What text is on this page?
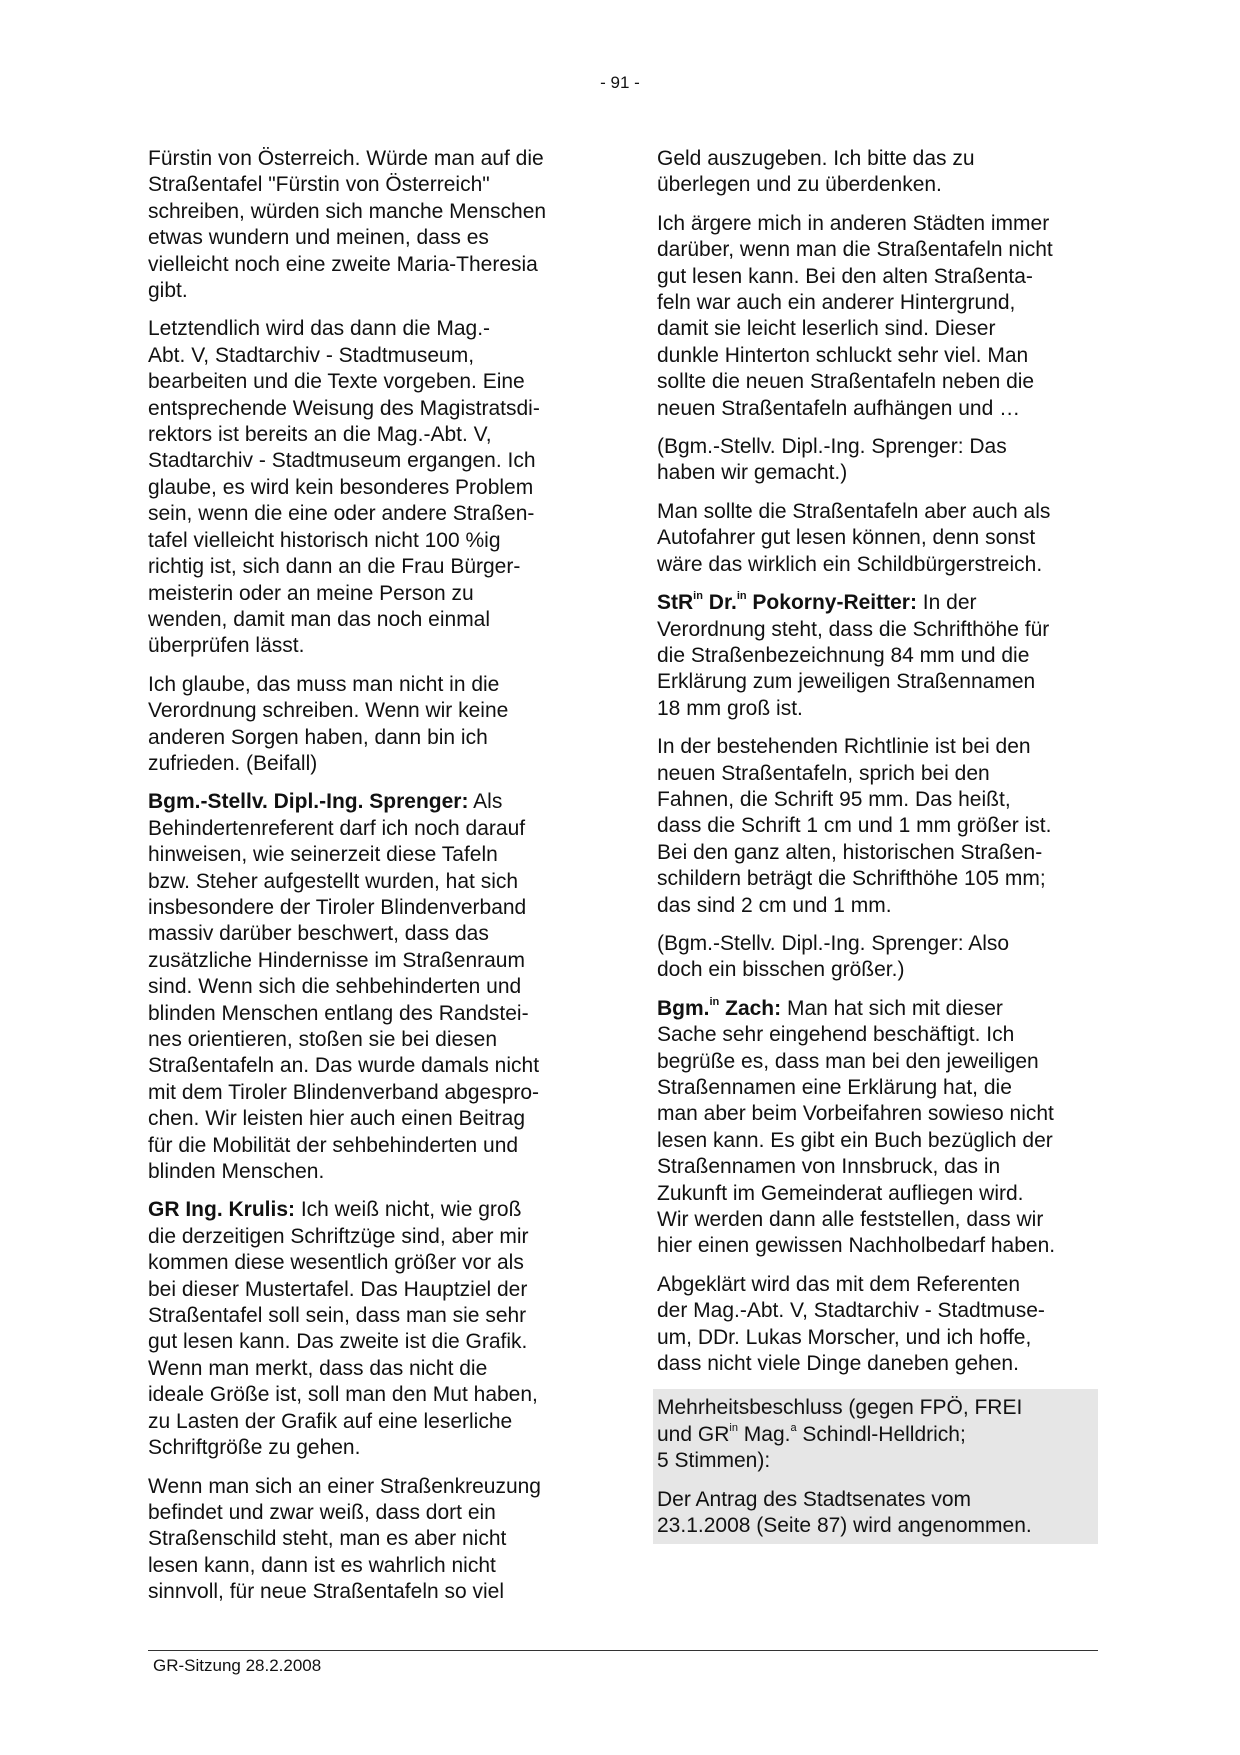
- 91 -
Fürstin von Österreich. Würde man auf die
Straßentafel "Fürstin von Österreich"
schreiben, würden sich manche Menschen
etwas wundern und meinen, dass es
vielleicht noch eine zweite Maria-Theresia
gibt.
Letztendlich wird das dann die Mag.-
Abt. V, Stadtarchiv - Stadtmuseum,
bearbeiten und die Texte vorgeben. Eine
entsprechende Weisung des Magistratsdi-
rektors ist bereits an die Mag.-Abt. V,
Stadtarchiv - Stadtmuseum ergangen. Ich
glaube, es wird kein besonderes Problem
sein, wenn die eine oder andere Straßen-
tafel vielleicht historisch nicht 100 %ig
richtig ist, sich dann an die Frau Bürger-
meisterin oder an meine Person zu
wenden, damit man das noch einmal
überprüfen lässt.
Ich glaube, das muss man nicht in die
Verordnung schreiben. Wenn wir keine
anderen Sorgen haben, dann bin ich
zufrieden. (Beifall)
Bgm.-Stellv. Dipl.-Ing. Sprenger: Als
Behindertenreferent darf ich noch darauf
hinweisen, wie seinerzeit diese Tafeln
bzw. Steher aufgestellt wurden, hat sich
insbesondere der Tiroler Blindenverband
massiv darüber beschwert, dass das
zusätzliche Hindernisse im Straßenraum
sind. Wenn sich die sehbehinderten und
blinden Menschen entlang des Randstei-
nes orientieren, stoßen sie bei diesen
Straßentafeln an. Das wurde damals nicht
mit dem Tiroler Blindenverband abgespro-
chen. Wir leisten hier auch einen Beitrag
für die Mobilität der sehbehinderten und
blinden Menschen.
GR Ing. Krulis: Ich weiß nicht, wie groß
die derzeitigen Schriftzüge sind, aber mir
kommen diese wesentlich größer vor als
bei dieser Mustertafel. Das Hauptziel der
Straßentafel soll sein, dass man sie sehr
gut lesen kann. Das zweite ist die Grafik.
Wenn man merkt, dass das nicht die
ideale Größe ist, soll man den Mut haben,
zu Lasten der Grafik auf eine leserliche
Schriftgröße zu gehen.
Wenn man sich an einer Straßenkreuzung
befindet und zwar weiß, dass dort ein
Straßenschild steht, man es aber nicht
lesen kann, dann ist es wahrlich nicht
sinnvoll, für neue Straßentafeln so viel
Geld auszugeben. Ich bitte das zu
überlegen und zu überdenken.
Ich ärgere mich in anderen Städten immer
darüber, wenn man die Straßentafeln nicht
gut lesen kann. Bei den alten Straßenta-
feln war auch ein anderer Hintergrund,
damit sie leicht leserlich sind. Dieser
dunkle Hinterton schluckt sehr viel. Man
sollte die neuen Straßentafeln neben die
neuen Straßentafeln aufhängen und …
(Bgm.-Stellv. Dipl.-Ing. Sprenger: Das
haben wir gemacht.)
Man sollte die Straßentafeln aber auch als
Autofahrer gut lesen können, denn sonst
wäre das wirklich ein Schildbürgerstreich.
StR$^{in}$ Dr.$^{in}$ Pokorny-Reitter: In der
Verordnung steht, dass die Schrifthöhe für
die Straßenbezeichnung 84 mm und die
Erklärung zum jeweiligen Straßennamen
18 mm groß ist.
In der bestehenden Richtlinie ist bei den
neuen Straßentafeln, sprich bei den
Fahnen, die Schrift 95 mm. Das heißt,
dass die Schrift 1 cm und 1 mm größer ist.
Bei den ganz alten, historischen Straßen-
schildern beträgt die Schrifthöhe 105 mm;
das sind 2 cm und 1 mm.
(Bgm.-Stellv. Dipl.-Ing. Sprenger: Also
doch ein bisschen größer.)
Bgm.$^{in}$ Zach: Man hat sich mit dieser
Sache sehr eingehend beschäftigt. Ich
begrüße es, dass man bei den jeweiligen
Straßennamen eine Erklärung hat, die
man aber beim Vorbeifahren sowieso nicht
lesen kann. Es gibt ein Buch bezüglich der
Straßennamen von Innsbruck, das in
Zukunft im Gemeinderat aufliegen wird.
Wir werden dann alle feststellen, dass wir
hier einen gewissen Nachholbedarf haben.
Abgeklärt wird das mit dem Referenten
der Mag.-Abt. V, Stadtarchiv - Stadtmuse-
um, DDr. Lukas Morscher, und ich hoffe,
dass nicht viele Dinge daneben gehen.
Mehrheitsbeschluss (gegen FPÖ, FREI
und $GR^{in}$ Mag.$^a$ Schindl-Helldrich;
5 Stimmen):
Der Antrag des Stadtsenates vom
23.1.2008 (Seite 87) wird angenommen.
GR-Sitzung 28.2.2008
